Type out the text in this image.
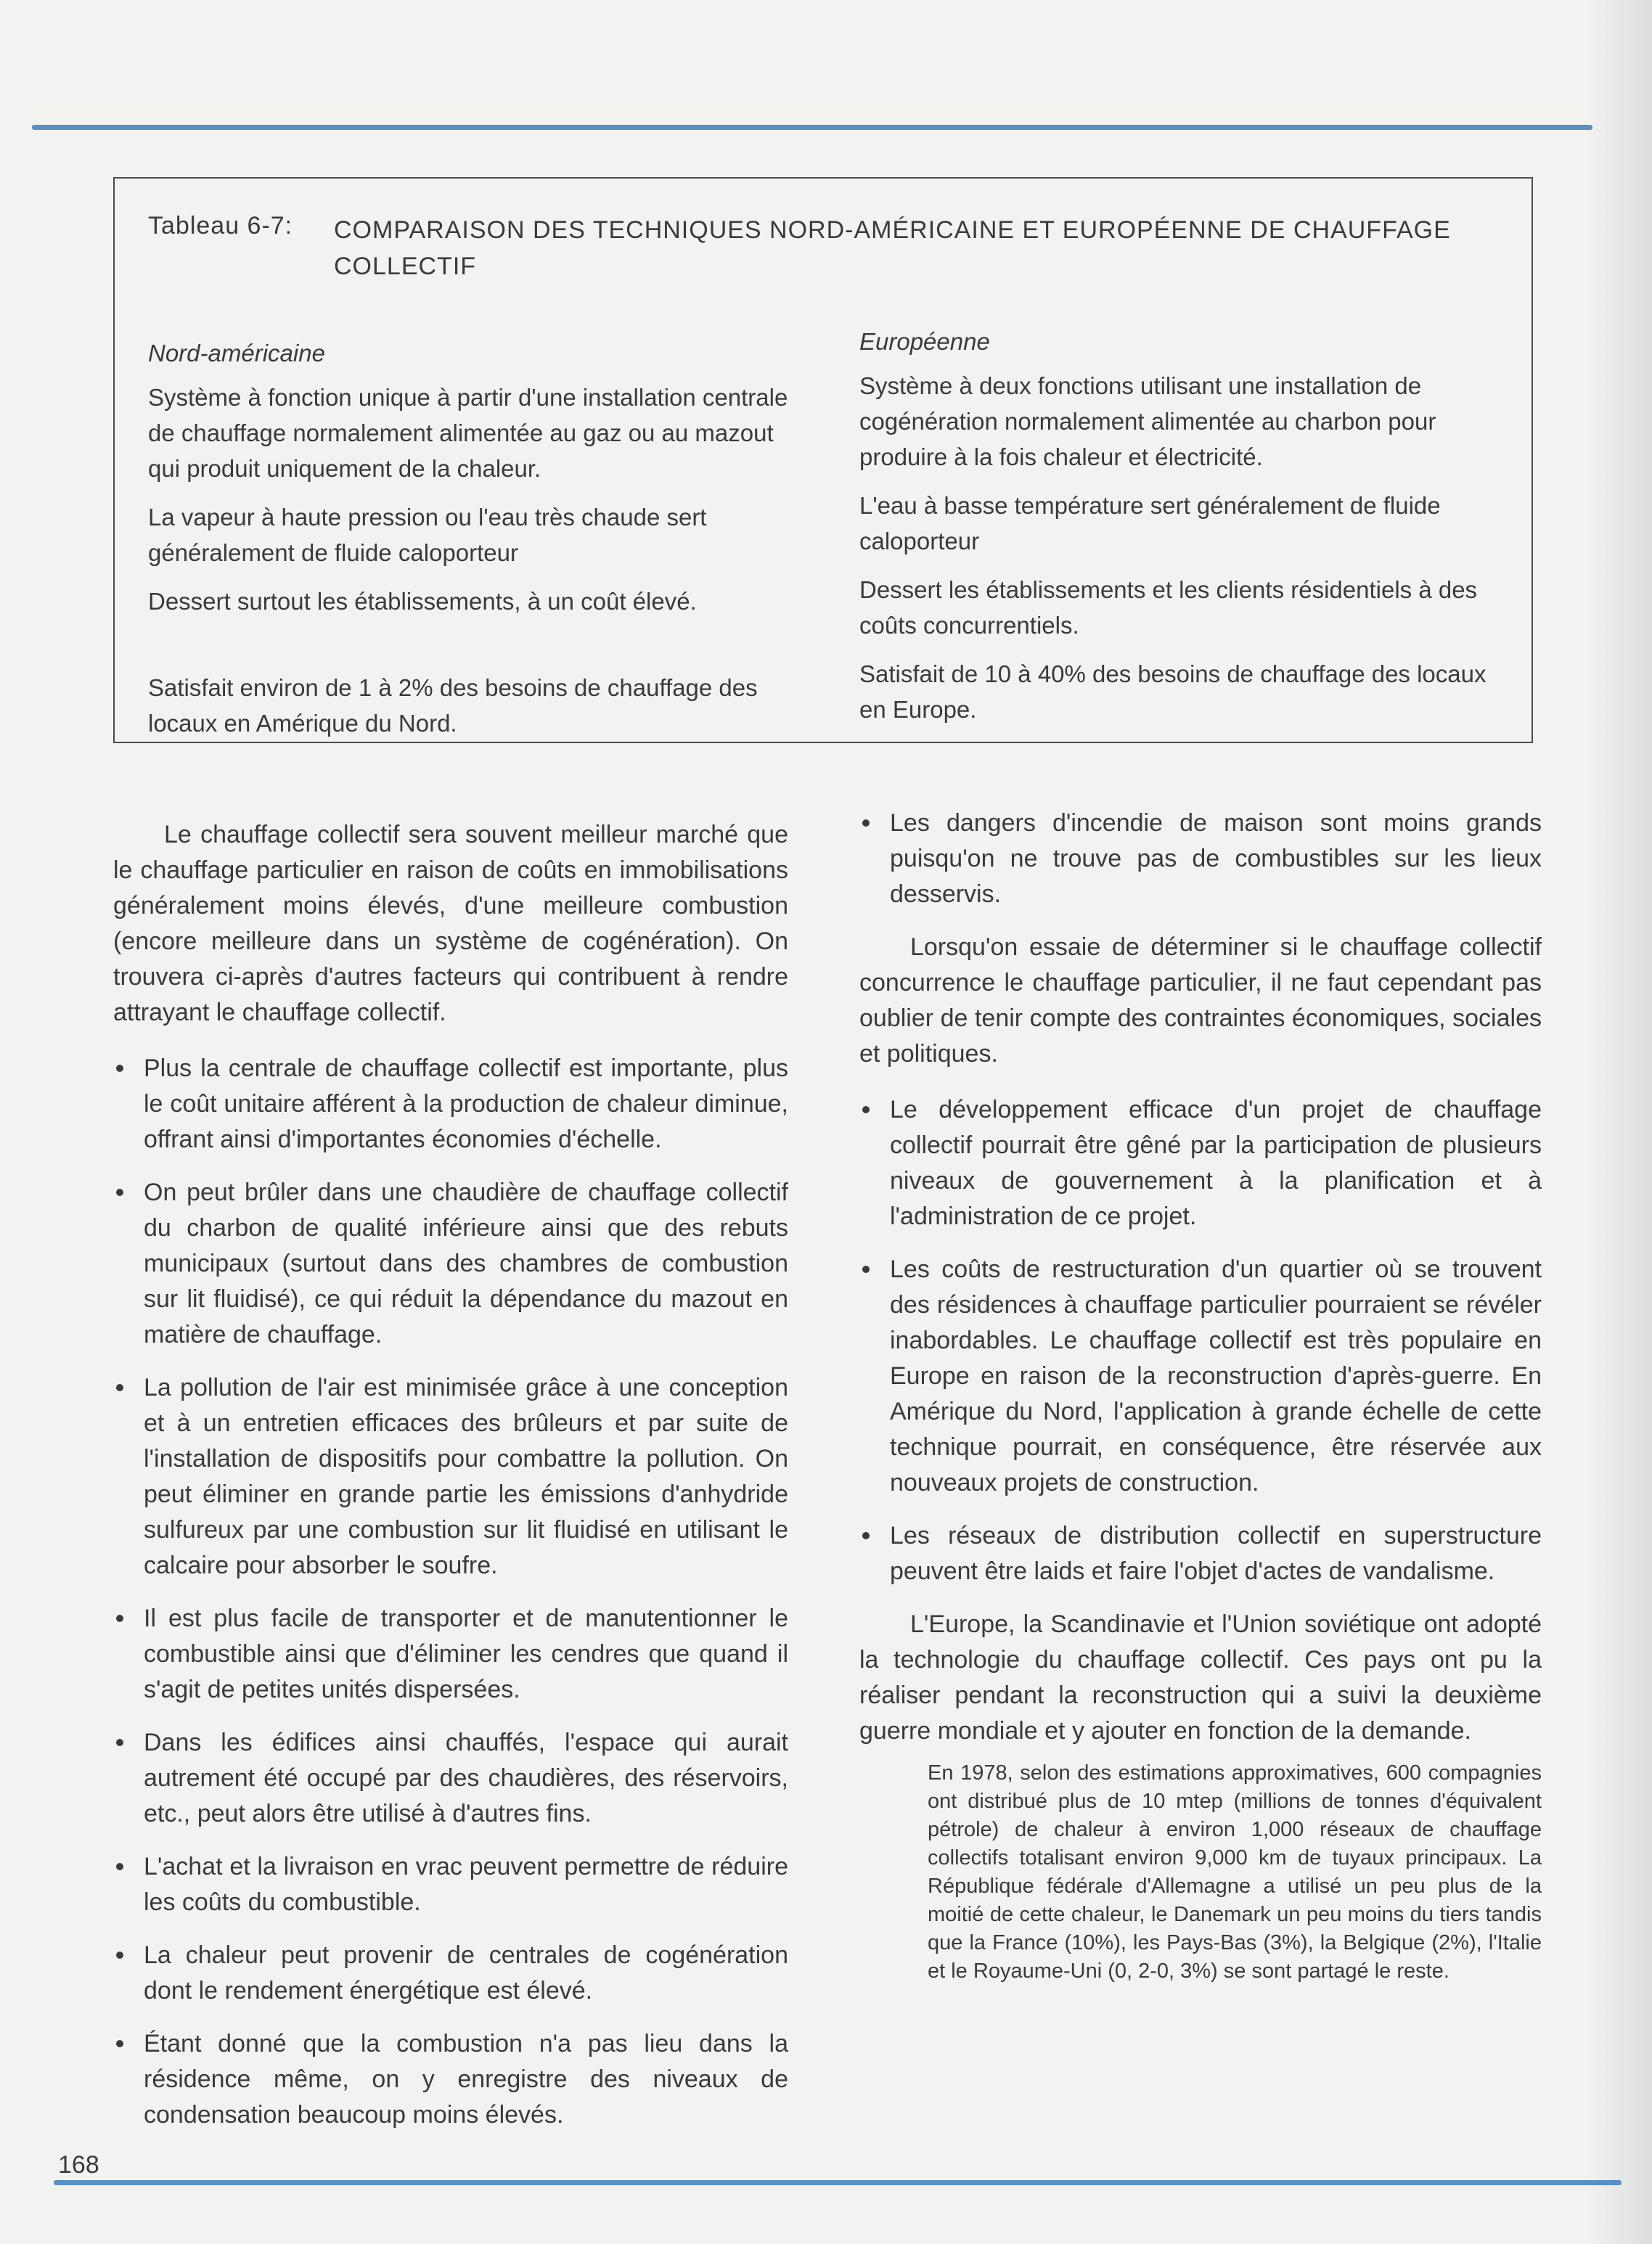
Tableau 6-7: COMPARAISON DES TECHNIQUES NORD-AMÉRICAINE ET EUROPÉENNE DE CHAUFFAGE COLLECTIF
Nord-américaine

Système à fonction unique à partir d'une installation centrale de chauffage normalement alimentée au gaz ou au mazout qui produit uniquement de la chaleur.

La vapeur à haute pression ou l'eau très chaude sert généralement de fluide caloporteur

Dessert surtout les établissements, à un coût élevé.

Satisfait environ de 1 à 2% des besoins de chauffage des locaux en Amérique du Nord.

Européenne

Système à deux fonctions utilisant une installation de cogénération normalement alimentée au charbon pour produire à la fois chaleur et électricité.

L'eau à basse température sert généralement de fluide caloporteur

Dessert les établissements et les clients résidentiels à des coûts concurrentiels.

Satisfait de 10 à 40% des besoins de chauffage des locaux en Europe.

Le chauffage collectif sera souvent meilleur marché que le chauffage particulier en raison de coûts en immobilisations généralement moins élevés, d'une meilleure combustion (encore meilleure dans un système de cogénération). On trouvera ci-après d'autres facteurs qui contribuent à rendre attrayant le chauffage collectif.

Plus la centrale de chauffage collectif est importante, plus le coût unitaire afférent à la production de chaleur diminue, offrant ainsi d'importantes économies d'échelle.
On peut brûler dans une chaudière de chauffage collectif du charbon de qualité inférieure ainsi que des rebuts municipaux (surtout dans des chambres de combustion sur lit fluidisé), ce qui réduit la dépendance du mazout en matière de chauffage.
La pollution de l'air est minimisée grâce à une conception et à un entretien efficaces des brûleurs et par suite de l'installation de dispositifs pour combattre la pollution. On peut éliminer en grande partie les émissions d'anhydride sulfureux par une combustion sur lit fluidisé en utilisant le calcaire pour absorber le soufre.
Il est plus facile de transporter et de manutentionner le combustible ainsi que d'éliminer les cendres que quand il s'agit de petites unités dispersées.
Dans les édifices ainsi chauffés, l'espace qui aurait autrement été occupé par des chaudières, des réservoirs, etc., peut alors être utilisé à d'autres fins.
L'achat et la livraison en vrac peuvent permettre de réduire les coûts du combustible.
La chaleur peut provenir de centrales de cogénération dont le rendement énergétique est élevé.
Étant donné que la combustion n'a pas lieu dans la résidence même, on y enregistre des niveaux de condensation beaucoup moins élevés.
Les dangers d'incendie de maison sont moins grands puisqu'on ne trouve pas de combustibles sur les lieux desservis.

Lorsqu'on essaie de déterminer si le chauffage collectif concurrence le chauffage particulier, il ne faut cependant pas oublier de tenir compte des contraintes économiques, sociales et politiques.

Le développement efficace d'un projet de chauffage collectif pourrait être gêné par la participation de plusieurs niveaux de gouvernement à la planification et à l'administration de ce projet.
Les coûts de restructuration d'un quartier où se trouvent des résidences à chauffage particulier pourraient se révéler inabordables. Le chauffage collectif est très populaire en Europe en raison de la reconstruction d'après-guerre. En Amérique du Nord, l'application à grande échelle de cette technique pourrait, en conséquence, être réservée aux nouveaux projets de construction.
Les réseaux de distribution collectif en superstructure peuvent être laids et faire l'objet d'actes de vandalisme.

L'Europe, la Scandinavie et l'Union soviétique ont adopté la technologie du chauffage collectif. Ces pays ont pu la réaliser pendant la reconstruction qui a suivi la deuxième guerre mondiale et y ajouter en fonction de la demande.

En 1978, selon des estimations approximatives, 600 compagnies ont distribué plus de 10 mtep (millions de tonnes d'équivalent pétrole) de chaleur à environ 1,000 réseaux de chauffage collectifs totalisant environ 9,000 km de tuyaux principaux. La République fédérale d'Allemagne a utilisé un peu plus de la moitié de cette chaleur, le Danemark un peu moins du tiers tandis que la France (10%), les Pays-Bas (3%), la Belgique (2%), l'Italie et le Royaume-Uni (0, 2-0, 3%) se sont partagé le reste.

168
